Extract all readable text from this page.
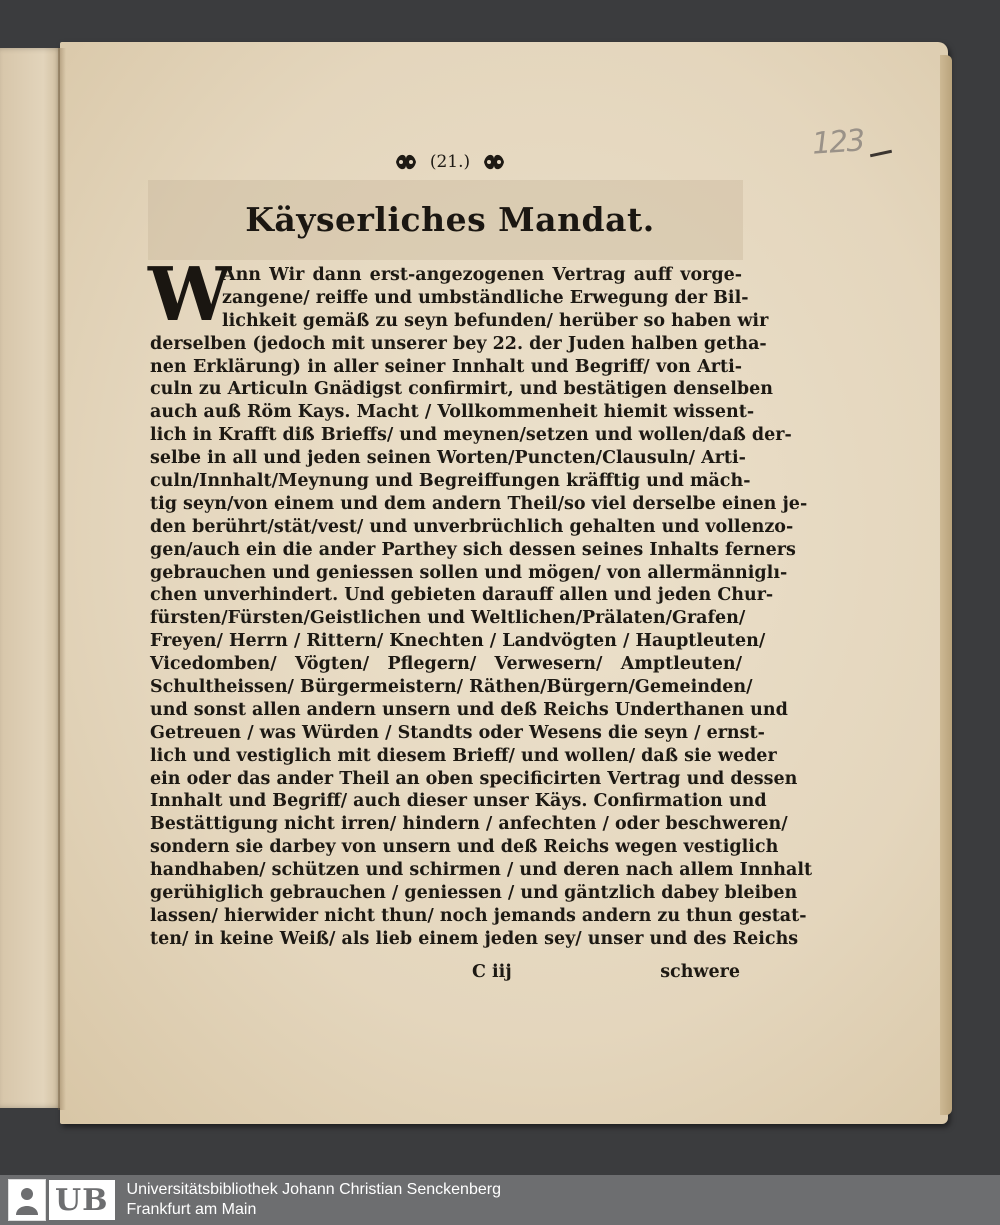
123
(21.)
Käyserliches Mandat.
W
Ann Wir dann erst-angezogenen Vertrag auff vorge-
zangene/ reiffe und umbständliche Erwegung der Bil-
lichkeit gemäß zu seyn befunden/ herüber so haben wir
derselben (jedoch mit unserer bey 22. der Juden halben getha-
nen Erklärung) in aller seiner Innhalt und Begriff/ von Arti-
culn zu Articuln Gnädigst confirmirt, und bestätigen denselben
auch auß Röm Kays. Macht / Vollkommenheit hiemit wissent-
lich in Krafft diß Brieffs/ und meynen/setzen und wollen/daß der-
selbe in all und jeden seinen Worten/Puncten/Clausuln/ Arti-
culn/Innhalt/Meynung und Begreiffungen kräfftig und mäch-
tig seyn/von einem und dem andern Theil/so viel derselbe einen je-
den berührt/stät/vest/ und unverbrüchlich gehalten und vollenzo-
gen/auch ein die ander Parthey sich dessen seines Inhalts ferners
gebrauchen und geniessen sollen und mögen/ von allermänniglı-
chen unverhindert. Und gebieten darauff allen und jeden Chur-
fürsten/Fürsten/Geistlichen und Weltlichen/Prälaten/Grafen/
Freyen/ Herrn / Rittern/ Knechten / Landvögten / Hauptleuten/
Vicedomben/ Vögten/ Pflegern/ Verwesern/ Amptleuten/
Schultheissen/ Bürgermeistern/ Räthen/Bürgern/Gemeinden/
und sonst allen andern unsern und deß Reichs Underthanen und
Getreuen / was Würden / Standts oder Wesens die seyn / ernst-
lich und vestiglich mit diesem Brieff/ und wollen/ daß sie weder
ein oder das ander Theil an oben specificirten Vertrag und dessen
Innhalt und Begriff/ auch dieser unser Käys. Confirmation und
Bestättigung nicht irren/ hindern / anfechten / oder beschweren/
sondern sie darbey von unsern und deß Reichs wegen vestiglich
handhaben/ schützen und schirmen / und deren nach allem Innhalt
gerühiglich gebrauchen / geniessen / und gäntzlich dabey bleiben
lassen/ hierwider nicht thun/ noch jemands andern zu thun gestat-
ten/ in keine Weiß/ als lieb einem jeden sey/ unser und des Reichs
C iij	schwere
UB	Universitätsbibliothek Johann Christian Senckenberg
Frankfurt am Main
